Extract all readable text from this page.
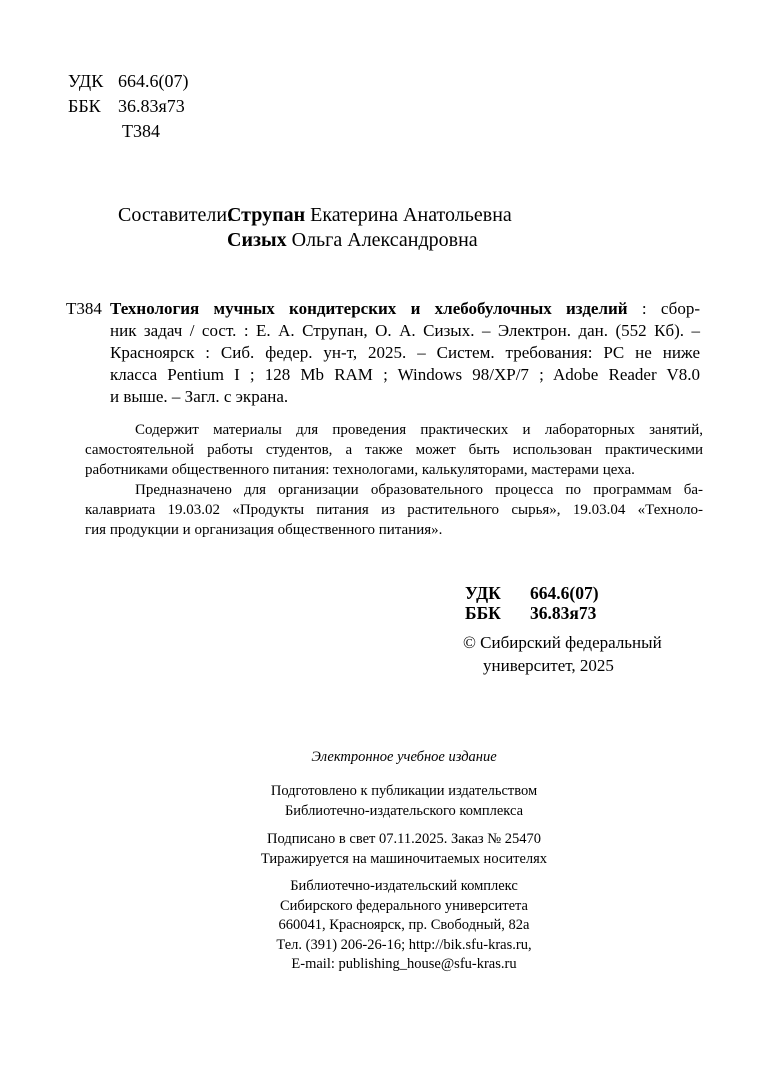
УДК 664.6(07)
ББК 36.83я73
Т384
Составители:
Струпан Екатерина Анатольевна
Сизых Ольга Александровна
Т384 Технология мучных кондитерских и хлебобулочных изделий : сбор-
ник задач / сост. : Е. А. Струпан, О. А. Сизых. – Электрон. дан. (552 Кб). –
Красноярск : Сиб. федер. ун-т, 2025. – Систем. требования: PC не ниже
класса Pentium I ; 128 Mb RAM ; Windows 98/XP/7 ; Adobe Reader V8.0
и выше. – Загл. с экрана.
Содержит материалы для проведения практических и лабораторных занятий,
самостоятельной работы студентов, а также может быть использован практическими
работниками общественного питания: технологами, калькуляторами, мастерами цеха.
Предназначено для организации образовательного процесса по программам ба-
калавриата 19.03.02 «Продукты питания из растительного сырья», 19.03.04 «Техноло-
гия продукции и организация общественного питания».
УДК 664.6(07)
ББК 36.83я73
© Сибирский федеральный
университет, 2025
Электронное учебное издание
Подготовлено к публикации издательством
Библиотечно-издательского комплекса
Подписано в свет 07.11.2025. Заказ № 25470
Тиражируется на машиночитаемых носителях
Библиотечно-издательский комплекс
Сибирского федерального университета
660041, Красноярск, пр. Свободный, 82а
Тел. (391) 206-26-16; http://bik.sfu-kras.ru,
E-mail: publishing_house@sfu-kras.ru
